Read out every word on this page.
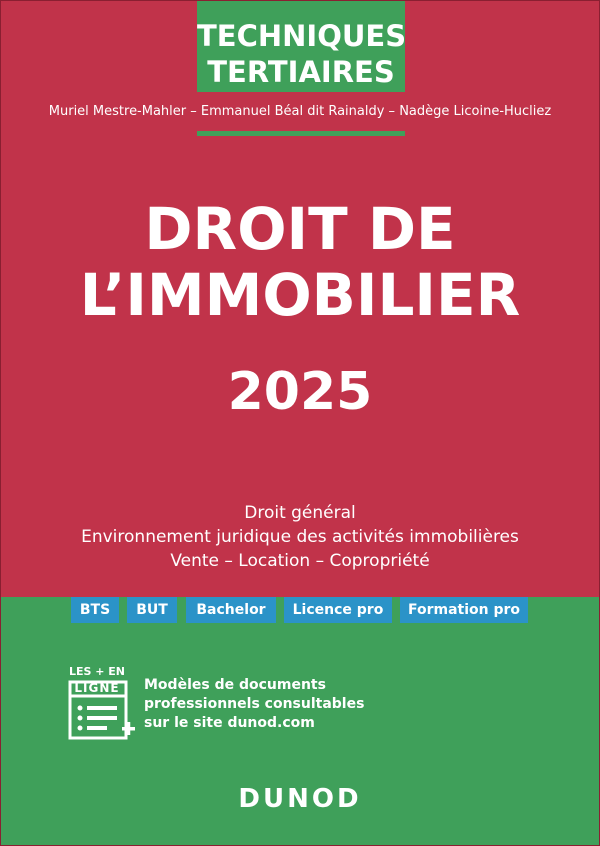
TECHNIQUES
TERTIAIRES
Muriel Mestre-Mahler – Emmanuel Béal dit Rainaldy – Nadège Licoine-Hucliez
DROIT DE
L’IMMOBILIER
2025
Droit général
Environnement juridique des activités immobilières
Vente – Location – Copropriété
BTS	BUT	Bachelor	Licence pro	Formation pro
LES + EN
LIGNE	Modèles de documents
professionnels consultables
sur le site dunod.com
DUNOD
